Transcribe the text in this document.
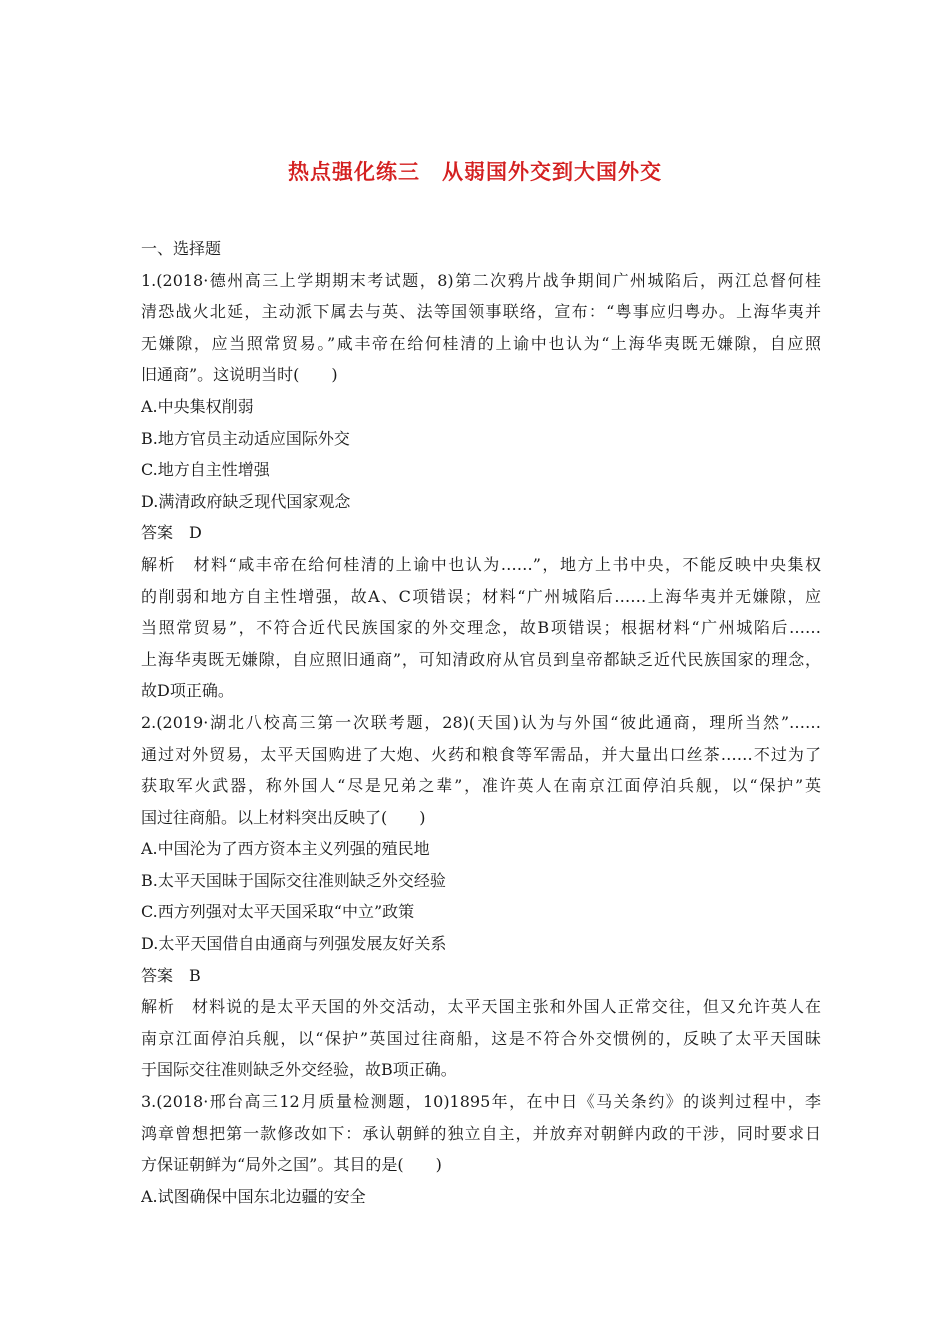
热点强化练三　从弱国外交到大国外交
一、选择题
1.(2018·德州高三上学期期末考试题，8)第二次鸦片战争期间广州城陷后，两江总督何桂
清恐战火北延，主动派下属去与英、法等国领事联络，宣布：“粤事应归粤办。上海华夷并
无嫌隙，应当照常贸易。”咸丰帝在给何桂清的上谕中也认为“上海华夷既无嫌隙，自应照
旧通商”。这说明当时(　　)
A.中央集权削弱
B.地方官员主动适应国际外交
C.地方自主性增强
D.满清政府缺乏现代国家观念
答案　D
解析　材料“咸丰帝在给何桂清的上谕中也认为……”，地方上书中央，不能反映中央集权
的削弱和地方自主性增强，故A、C项错误；材料“广州城陷后……上海华夷并无嫌隙，应
当照常贸易”，不符合近代民族国家的外交理念，故B项错误；根据材料“广州城陷后……
上海华夷既无嫌隙，自应照旧通商”，可知清政府从官员到皇帝都缺乏近代民族国家的理念，
故D项正确。
2.(2019·湖北八校高三第一次联考题，28)(天国)认为与外国“彼此通商，理所当然”……
通过对外贸易，太平天国购进了大炮、火药和粮食等军需品，并大量出口丝茶……不过为了
获取军火武器，称外国人“尽是兄弟之辈”，准许英人在南京江面停泊兵舰，以“保护”英
国过往商船。以上材料突出反映了(　　)
A.中国沦为了西方资本主义列强的殖民地
B.太平天国昧于国际交往准则缺乏外交经验
C.西方列强对太平天国采取“中立”政策
D.太平天国借自由通商与列强发展友好关系
答案　B
解析　材料说的是太平天国的外交活动，太平天国主张和外国人正常交往，但又允许英人在
南京江面停泊兵舰，以“保护”英国过往商船，这是不符合外交惯例的，反映了太平天国昧
于国际交往准则缺乏外交经验，故B项正确。
3.(2018·邢台高三12月质量检测题，10)1895年，在中日《马关条约》的谈判过程中，李
鸿章曾想把第一款修改如下：承认朝鲜的独立自主，并放弃对朝鲜内政的干涉，同时要求日
方保证朝鲜为“局外之国”。其目的是(　　)
A.试图确保中国东北边疆的安全
